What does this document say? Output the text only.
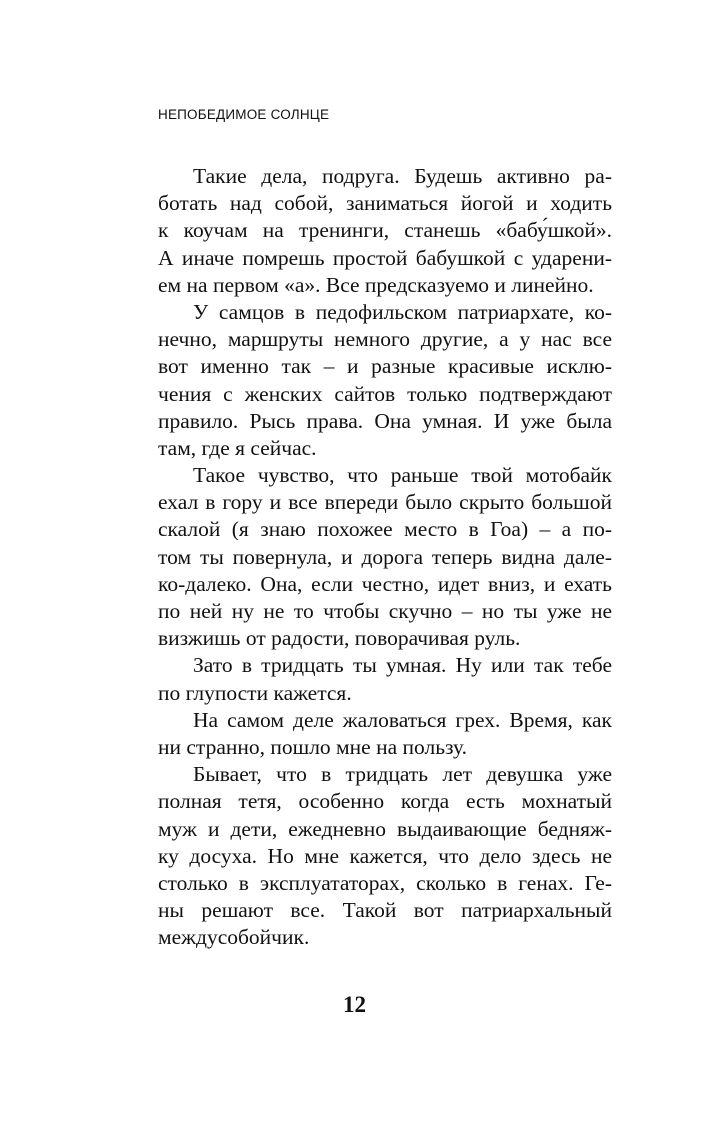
НЕПОБЕДИМОЕ СОЛНЦЕ
Такие дела, подруга. Будешь активно ра-
ботать над собой, заниматься йогой и ходить
к коучам на тренинги, станешь «бабу́шкой».
А иначе помрешь простой бабушкой с ударени-
ем на первом «а». Все предсказуемо и линейно.
У самцов в педофильском патриархате, ко-
нечно, маршруты немного другие, а у нас все
вот именно так – и разные красивые исклю-
чения с женских сайтов только подтверждают
правило. Рысь права. Она умная. И уже была
там, где я сейчас.
Такое чувство, что раньше твой мотобайк
ехал в гору и все впереди было скрыто большой
скалой (я знаю похожее место в Гоа) – а по-
том ты повернула, и дорога теперь видна дале-
ко-далеко. Она, если честно, идет вниз, и ехать
по ней ну не то чтобы скучно – но ты уже не
визжишь от радости, поворачивая руль.
Зато в тридцать ты умная. Ну или так тебе
по глупости кажется.
На самом деле жаловаться грех. Время, как
ни странно, пошло мне на пользу.
Бывает, что в тридцать лет девушка уже
полная тетя, особенно когда есть мохнатый
муж и дети, ежедневно выдаивающие бедняж-
ку досуха. Но мне кажется, что дело здесь не
столько в эксплуататорах, сколько в генах. Ге-
ны решают все. Такой вот патриархальный
междусобойчик.
12
